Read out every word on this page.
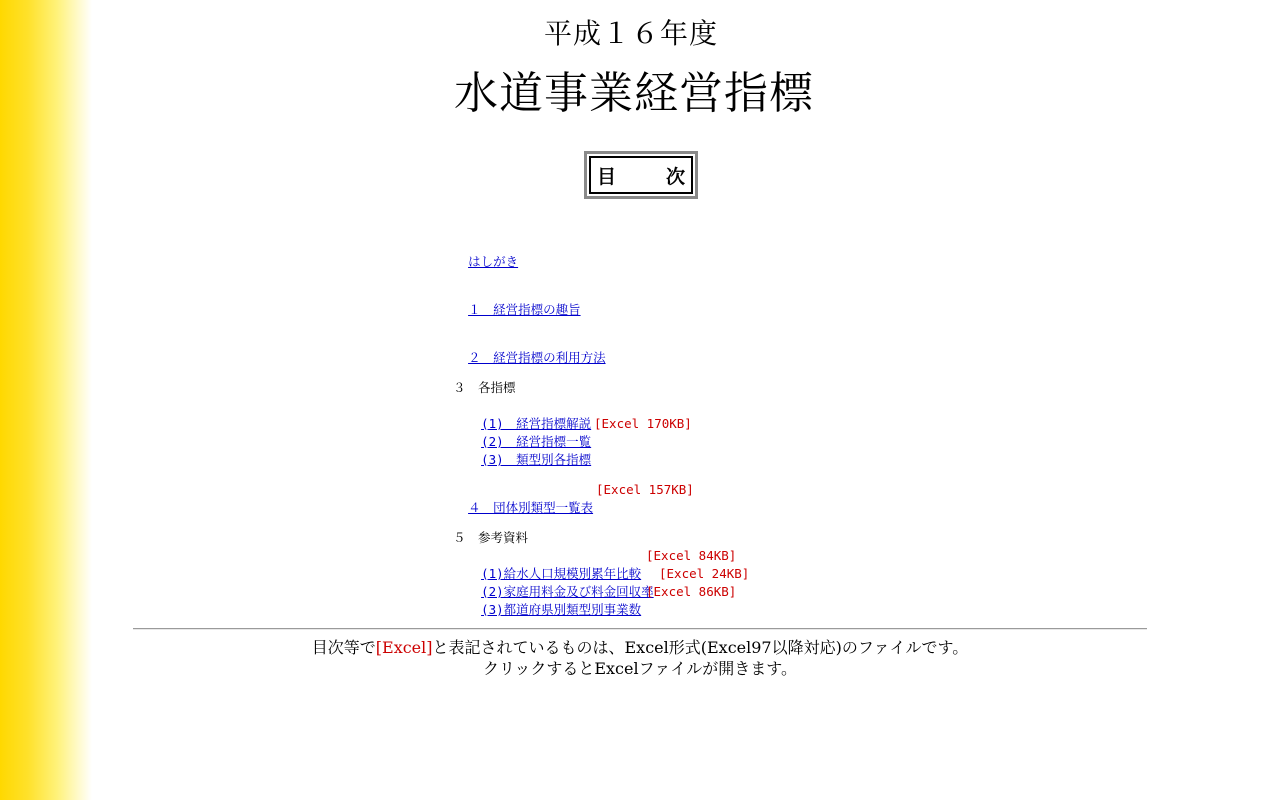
平成１６年度
水道事業経営指標
目	次

はしがき

１　経営指標の趣旨

２　経営指標の利用方法

３　各指標

(1)　経営指標解説

(2)　経営指標一覧

[Excel 170KB]

(3)　類型別各指標

４　団体別類型一覧表

[Excel 157KB]
５　参考資料

(1)給水人口規模別累年比較

[Excel 84KB]

(2)家庭用料金及び料金回収率

[Excel 24KB]

(3)都道府県別類型別事業数

[Excel 86KB]
目次等で[Excel]と表記されているものは、Excel形式(Excel97以降対応)のファイルです。
クリックするとExcelファイルが開きます。
